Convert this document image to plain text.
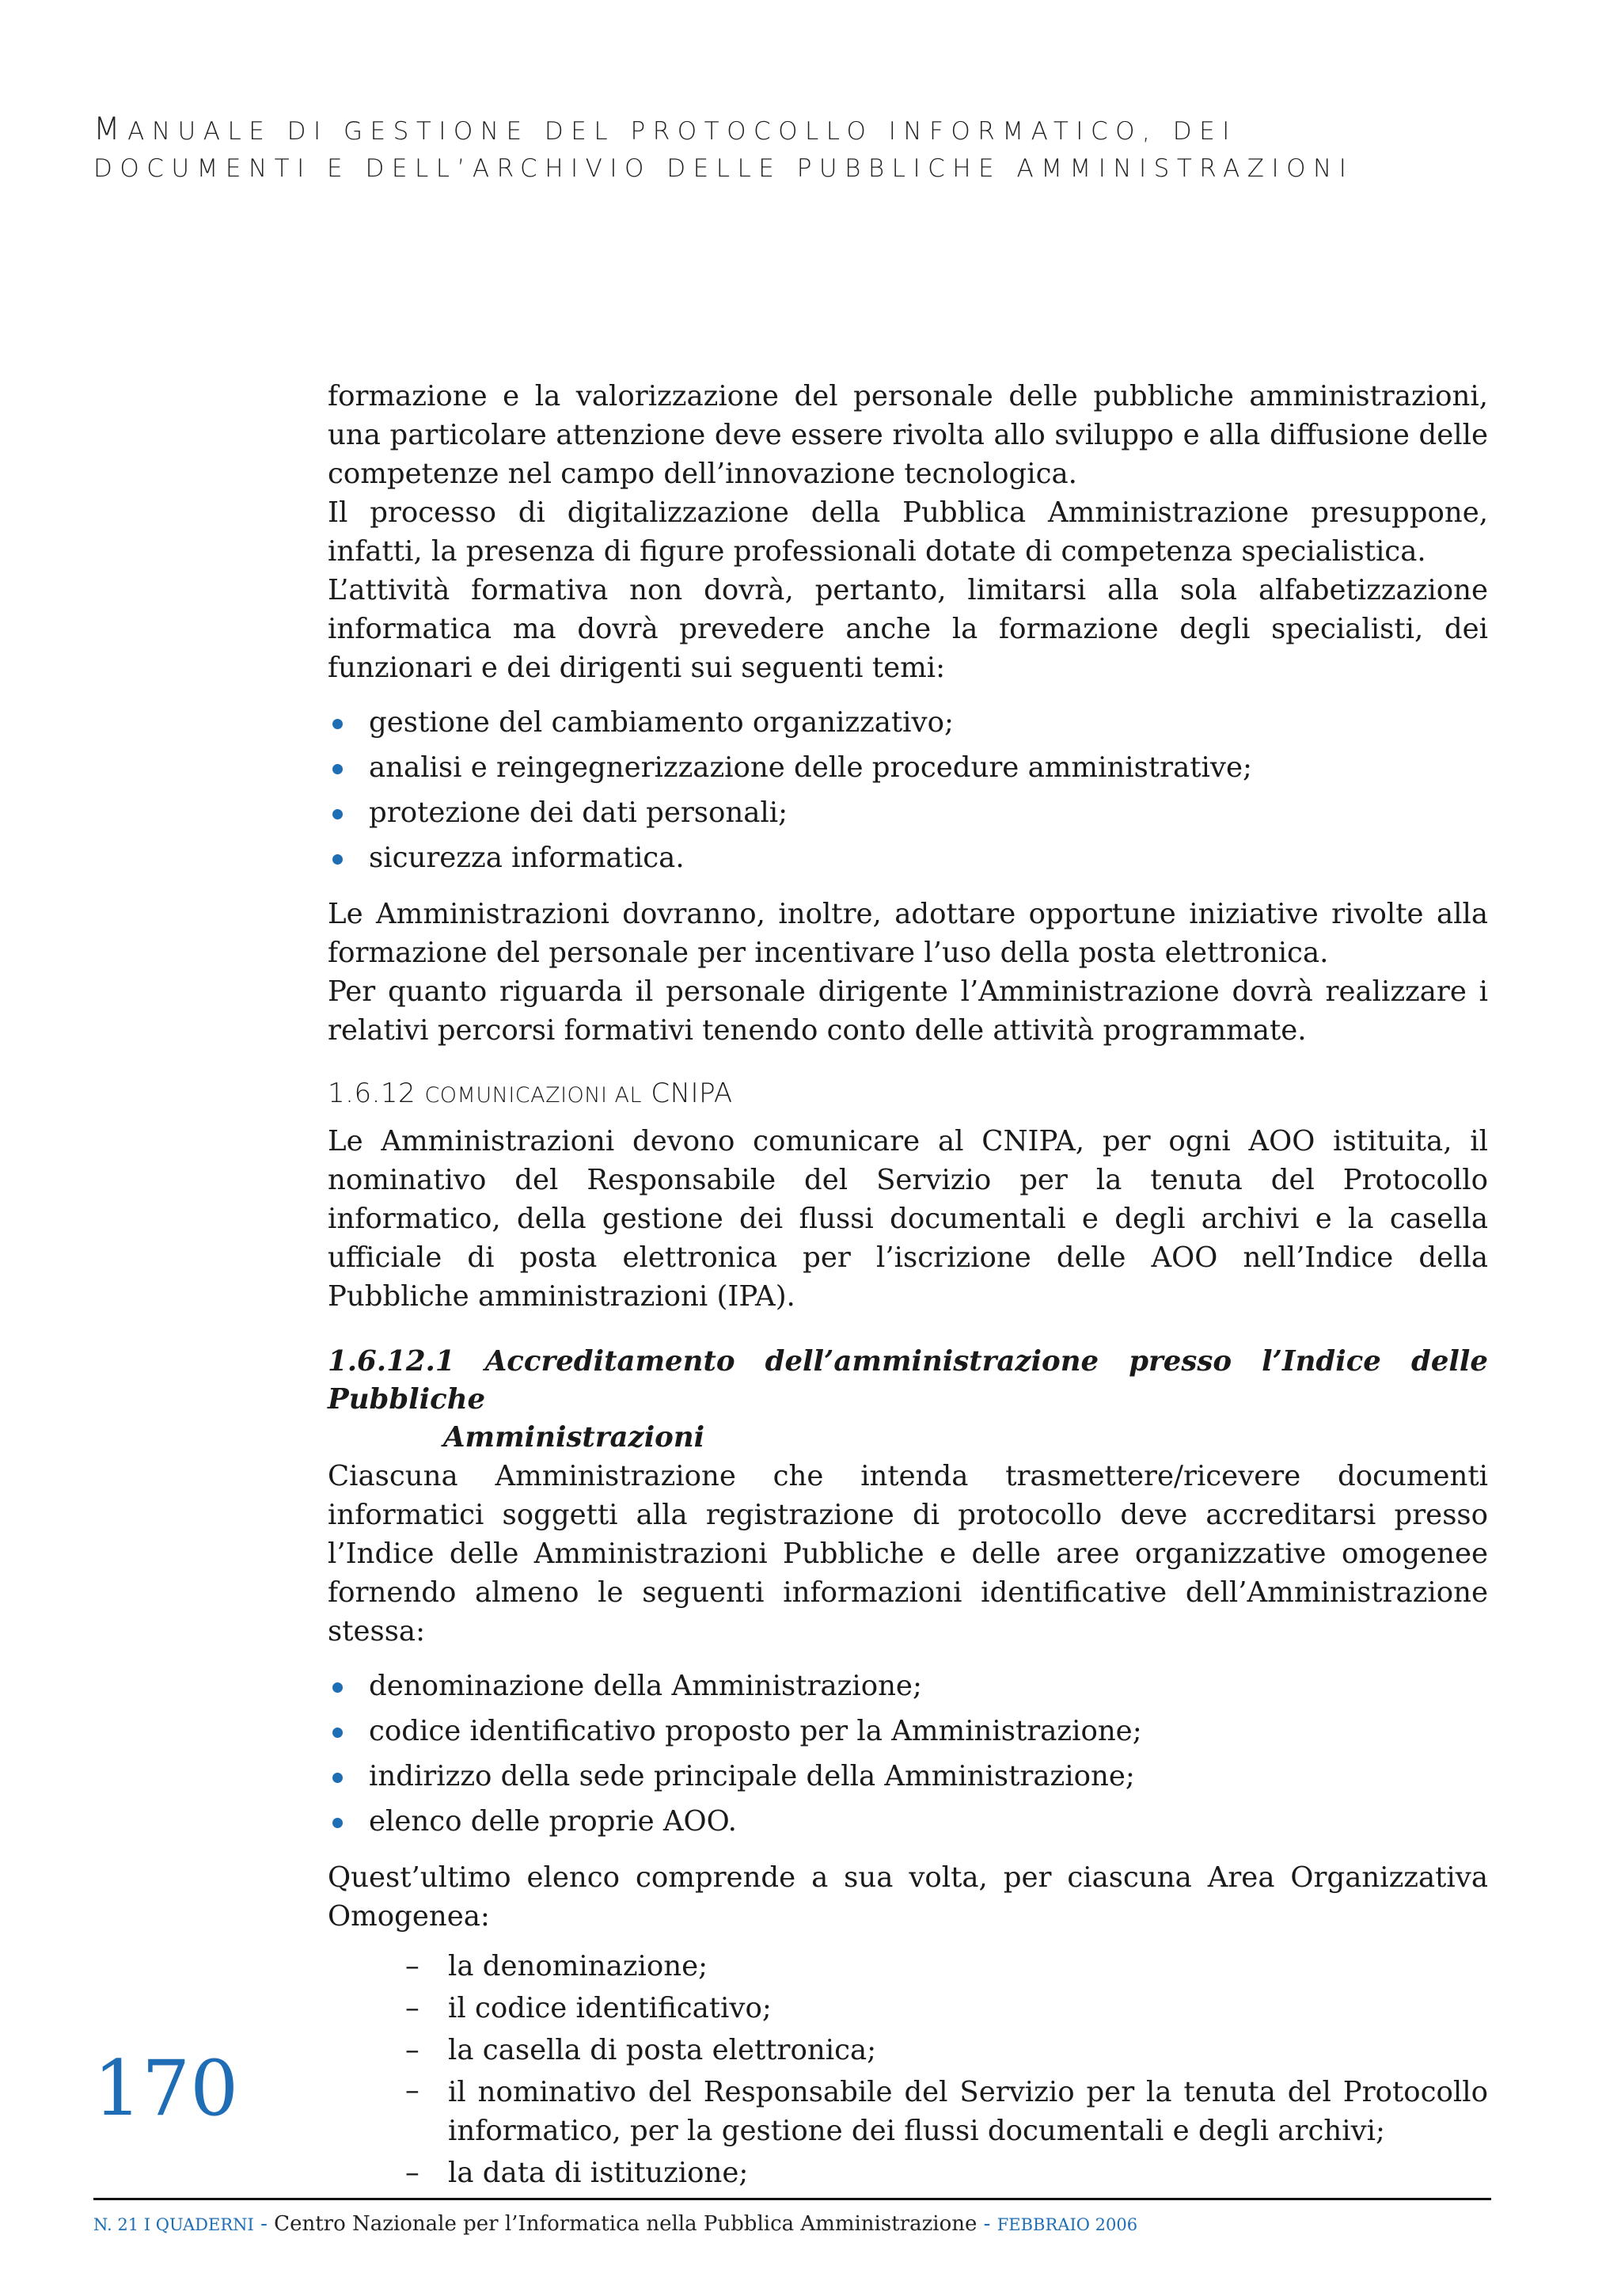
MANUALE DI GESTIONE DEL PROTOCOLLO INFORMATICO, DEI
DOCUMENTI E DELL’ARCHIVIO DELLE PUBBLICHE AMMINISTRAZIONI

formazione e la valorizzazione del personale delle pubbliche amministrazioni, una particolare attenzione deve essere rivolta allo sviluppo e alla diffusione delle competenze nel campo dell’innovazione tecnologica.

Il processo di digitalizzazione della Pubblica Amministrazione presuppone, infatti, la presenza di figure professionali dotate di competenza specialistica.

L’attività formativa non dovrà, pertanto, limitarsi alla sola alfabetizzazione informatica ma dovrà prevedere anche la formazione degli specialisti, dei funzionari e dei dirigenti sui seguenti temi:

gestione del cambiamento organizzativo;
analisi e reingegnerizzazione delle procedure amministrative;
protezione dei dati personali;
sicurezza informatica.

Le Amministrazioni dovranno, inoltre, adottare opportune iniziative rivolte alla formazione del personale per incentivare l’uso della posta elettronica.

Per quanto riguarda il personale dirigente l’Amministrazione dovrà realizzare i relativi percorsi formativi tenendo conto delle attività programmate.

1.6.12 COMUNICAZIONI AL CNIPA

Le Amministrazioni devono comunicare al CNIPA, per ogni AOO istituita, il nominativo del Responsabile del Servizio per la tenuta del Protocollo informatico, della gestione dei flussi documentali e degli archivi e la casella ufficiale di posta elettronica per l’iscrizione delle AOO nell’Indice della Pubbliche amministrazioni (IPA).

1.6.12.1 Accreditamento dell’amministrazione presso l’Indice delle Pubbliche
Amministrazioni

Ciascuna Amministrazione che intenda trasmettere/ricevere documenti informatici soggetti alla registrazione di protocollo deve accreditarsi presso l’Indice delle Amministrazioni Pubbliche e delle aree organizzative omogenee fornendo almeno le seguenti informazioni identificative dell’Amministrazione stessa:

denominazione della Amministrazione;
codice identificativo proposto per la Amministrazione;
indirizzo della sede principale della Amministrazione;
elenco delle proprie AOO.

Quest’ultimo elenco comprende a sua volta, per ciascuna Area Organizzativa Omogenea:

– la denominazione;
– il codice identificativo;
– la casella di posta elettronica;
– il nominativo del Responsabile del Servizio per la tenuta del Protocollo informatico, per la gestione dei flussi documentali e degli archivi;
– la data di istituzione;
170
N. 21 I QUADERNI - Centro Nazionale per l’Informatica nella Pubblica Amministrazione - FEBBRAIO 2006
